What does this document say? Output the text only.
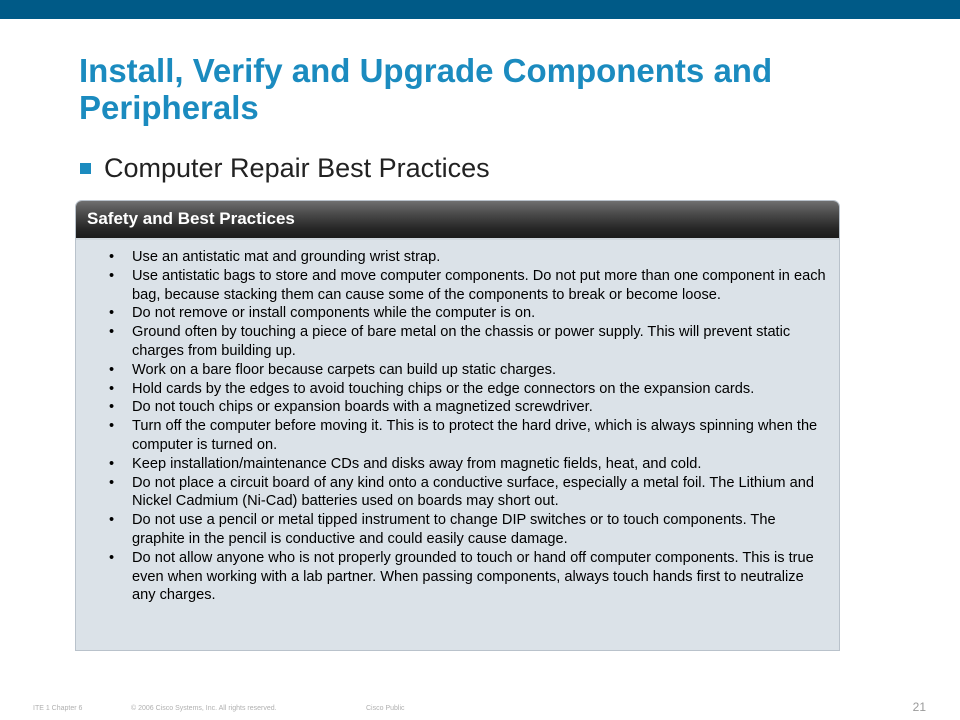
Install, Verify and Upgrade Components and Peripherals
Computer Repair Best Practices
Safety and Best Practices
• Use an antistatic mat and grounding wrist strap.
• Use antistatic bags to store and move computer components. Do not put more than one component in each bag, because stacking them can cause some of the components to break or become loose.
• Do not remove or install components while the computer is on.
• Ground often by touching a piece of bare metal on the chassis or power supply. This will prevent static charges from building up.
• Work on a bare floor because carpets can build up static charges.
• Hold cards by the edges to avoid touching chips or the edge connectors on the expansion cards.
• Do not touch chips or expansion boards with a magnetized screwdriver.
• Turn off the computer before moving it. This is to protect the hard drive, which is always spinning when the computer is turned on.
• Keep installation/maintenance CDs and disks away from magnetic fields, heat, and cold.
• Do not place a circuit board of any kind onto a conductive surface, especially a metal foil. The Lithium and Nickel Cadmium (Ni-Cad) batteries used on boards may short out.
• Do not use a pencil or metal tipped instrument to change DIP switches or to touch components. The graphite in the pencil is conductive and could easily cause damage.
• Do not allow anyone who is not properly grounded to touch or hand off computer components. This is true even when working with a lab partner. When passing components, always touch hands first to neutralize any charges.
ITE 1 Chapter 6	© 2006 Cisco Systems, Inc. All rights reserved.	Cisco Public	21
